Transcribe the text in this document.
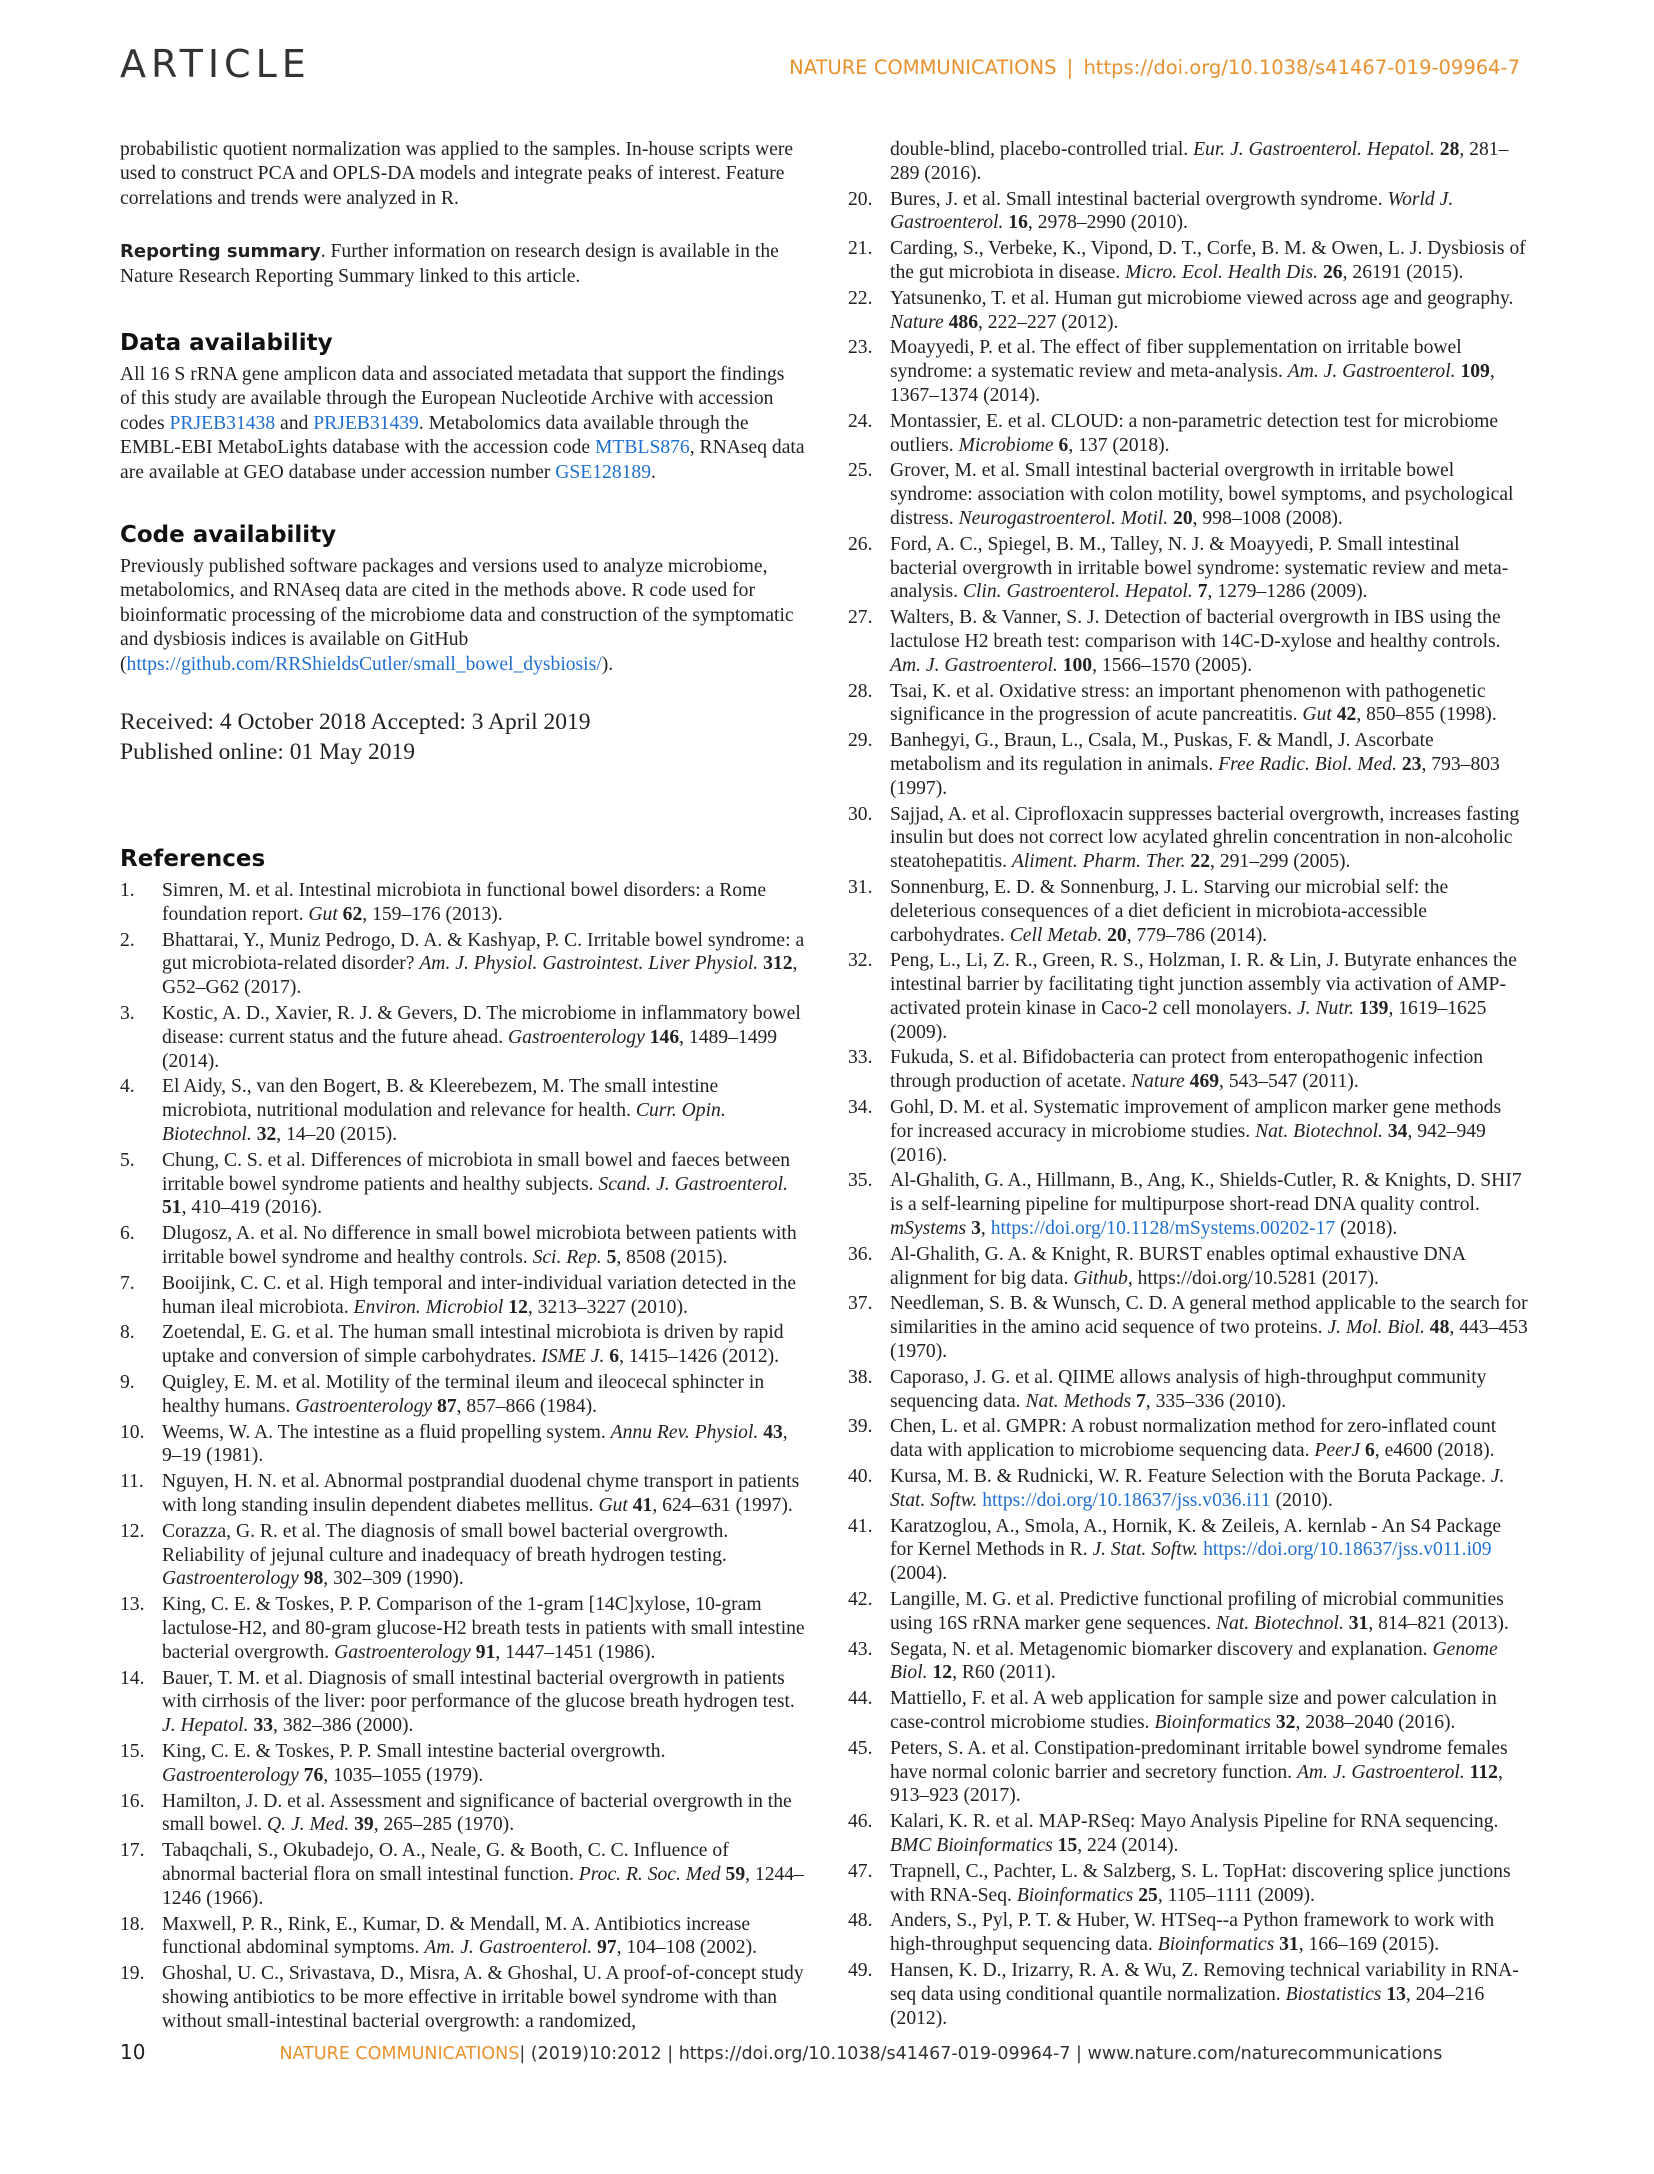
ARTICLE	NATURE COMMUNICATIONS | https://doi.org/10.1038/s41467-019-09964-7

probabilistic quotient normalization was applied to the samples. In-house scripts were used to construct PCA and OPLS-DA models and integrate peaks of interest. Feature correlations and trends were analyzed in R.

Reporting summary. Further information on research design is available in the Nature Research Reporting Summary linked to this article.

Data availability

All 16 S rRNA gene amplicon data and associated metadata that support the findings of this study are available through the European Nucleotide Archive with accession codes PRJEB31438 and PRJEB31439. Metabolomics data available through the EMBL-EBI MetaboLights database with the accession code MTBLS876, RNAseq data are available at GEO database under accession number GSE128189.

Code availability

Previously published software packages and versions used to analyze microbiome, metabolomics, and RNAseq data are cited in the methods above. R code used for bioinformatic processing of the microbiome data and construction of the symptomatic and dysbiosis indices is available on GitHub (https://github.com/RRShieldsCutler/small_bowel_dysbiosis/).

Received: 4 October 2018 Accepted: 3 April 2019
Published online: 01 May 2019
References
1.	Simren, M. et al. Intestinal microbiota in functional bowel disorders: a Rome foundation report. Gut 62, 159–176 (2013).
2.	Bhattarai, Y., Muniz Pedrogo, D. A. & Kashyap, P. C. Irritable bowel syndrome: a gut microbiota-related disorder? Am. J. Physiol. Gastrointest. Liver Physiol. 312, G52–G62 (2017).
3.	Kostic, A. D., Xavier, R. J. & Gevers, D. The microbiome in inflammatory bowel disease: current status and the future ahead. Gastroenterology 146, 1489–1499 (2014).
4.	El Aidy, S., van den Bogert, B. & Kleerebezem, M. The small intestine microbiota, nutritional modulation and relevance for health. Curr. Opin. Biotechnol. 32, 14–20 (2015).
5.	Chung, C. S. et al. Differences of microbiota in small bowel and faeces between irritable bowel syndrome patients and healthy subjects. Scand. J. Gastroenterol. 51, 410–419 (2016).
6.	Dlugosz, A. et al. No difference in small bowel microbiota between patients with irritable bowel syndrome and healthy controls. Sci. Rep. 5, 8508 (2015).
7.	Booijink, C. C. et al. High temporal and inter-individual variation detected in the human ileal microbiota. Environ. Microbiol 12, 3213–3227 (2010).
8.	Zoetendal, E. G. et al. The human small intestinal microbiota is driven by rapid uptake and conversion of simple carbohydrates. ISME J. 6, 1415–1426 (2012).
9.	Quigley, E. M. et al. Motility of the terminal ileum and ileocecal sphincter in healthy humans. Gastroenterology 87, 857–866 (1984).
10. Weems, W. A. The intestine as a fluid propelling system. Annu Rev. Physiol. 43, 9–19 (1981).
11. Nguyen, H. N. et al. Abnormal postprandial duodenal chyme transport in patients with long standing insulin dependent diabetes mellitus. Gut 41, 624–631 (1997).
12. Corazza, G. R. et al. The diagnosis of small bowel bacterial overgrowth. Reliability of jejunal culture and inadequacy of breath hydrogen testing. Gastroenterology 98, 302–309 (1990).
13. King, C. E. & Toskes, P. P. Comparison of the 1-gram [14C]xylose, 10-gram lactulose-H2, and 80-gram glucose-H2 breath tests in patients with small intestine bacterial overgrowth. Gastroenterology 91, 1447–1451 (1986).
14. Bauer, T. M. et al. Diagnosis of small intestinal bacterial overgrowth in patients with cirrhosis of the liver: poor performance of the glucose breath hydrogen test. J. Hepatol. 33, 382–386 (2000).
15. King, C. E. & Toskes, P. P. Small intestine bacterial overgrowth. Gastroenterology 76, 1035–1055 (1979).
16. Hamilton, J. D. et al. Assessment and significance of bacterial overgrowth in the small bowel. Q. J. Med. 39, 265–285 (1970).
17. Tabaqchali, S., Okubadejo, O. A., Neale, G. & Booth, C. C. Influence of abnormal bacterial flora on small intestinal function. Proc. R. Soc. Med 59, 1244–1246 (1966).
18. Maxwell, P. R., Rink, E., Kumar, D. & Mendall, M. A. Antibiotics increase functional abdominal symptoms. Am. J. Gastroenterol. 97, 104–108 (2002).
19. Ghoshal, U. C., Srivastava, D., Misra, A. & Ghoshal, U. A proof-of-concept study showing antibiotics to be more effective in irritable bowel syndrome with than without small-intestinal bacterial overgrowth: a randomized,
double-blind, placebo-controlled trial. Eur. J. Gastroenterol. Hepatol. 28, 281–289 (2016).
20. Bures, J. et al. Small intestinal bacterial overgrowth syndrome. World J. Gastroenterol. 16, 2978–2990 (2010).
21. Carding, S., Verbeke, K., Vipond, D. T., Corfe, B. M. & Owen, L. J. Dysbiosis of the gut microbiota in disease. Micro. Ecol. Health Dis. 26, 26191 (2015).
22. Yatsunenko, T. et al. Human gut microbiome viewed across age and geography. Nature 486, 222–227 (2012).
23. Moayyedi, P. et al. The effect of fiber supplementation on irritable bowel syndrome: a systematic review and meta-analysis. Am. J. Gastroenterol. 109, 1367–1374 (2014).
24. Montassier, E. et al. CLOUD: a non-parametric detection test for microbiome outliers. Microbiome 6, 137 (2018).
25. Grover, M. et al. Small intestinal bacterial overgrowth in irritable bowel syndrome: association with colon motility, bowel symptoms, and psychological distress. Neurogastroenterol. Motil. 20, 998–1008 (2008).
26. Ford, A. C., Spiegel, B. M., Talley, N. J. & Moayyedi, P. Small intestinal bacterial overgrowth in irritable bowel syndrome: systematic review and meta-analysis. Clin. Gastroenterol. Hepatol. 7, 1279–1286 (2009).
27. Walters, B. & Vanner, S. J. Detection of bacterial overgrowth in IBS using the lactulose H2 breath test: comparison with 14C-D-xylose and healthy controls. Am. J. Gastroenterol. 100, 1566–1570 (2005).
28. Tsai, K. et al. Oxidative stress: an important phenomenon with pathogenetic significance in the progression of acute pancreatitis. Gut 42, 850–855 (1998).
29. Banhegyi, G., Braun, L., Csala, M., Puskas, F. & Mandl, J. Ascorbate metabolism and its regulation in animals. Free Radic. Biol. Med. 23, 793–803 (1997).
30. Sajjad, A. et al. Ciprofloxacin suppresses bacterial overgrowth, increases fasting insulin but does not correct low acylated ghrelin concentration in non-alcoholic steatohepatitis. Aliment. Pharm. Ther. 22, 291–299 (2005).
31. Sonnenburg, E. D. & Sonnenburg, J. L. Starving our microbial self: the deleterious consequences of a diet deficient in microbiota-accessible carbohydrates. Cell Metab. 20, 779–786 (2014).
32. Peng, L., Li, Z. R., Green, R. S., Holzman, I. R. & Lin, J. Butyrate enhances the intestinal barrier by facilitating tight junction assembly via activation of AMP-activated protein kinase in Caco-2 cell monolayers. J. Nutr. 139, 1619–1625 (2009).
33. Fukuda, S. et al. Bifidobacteria can protect from enteropathogenic infection through production of acetate. Nature 469, 543–547 (2011).
34. Gohl, D. M. et al. Systematic improvement of amplicon marker gene methods for increased accuracy in microbiome studies. Nat. Biotechnol. 34, 942–949 (2016).
35. Al-Ghalith, G. A., Hillmann, B., Ang, K., Shields-Cutler, R. & Knights, D. SHI7 is a self-learning pipeline for multipurpose short-read DNA quality control. mSystems 3, https://doi.org/10.1128/mSystems.00202-17 (2018).
36. Al-Ghalith, G. A. & Knight, R. BURST enables optimal exhaustive DNA alignment for big data. Github, https://doi.org/10.5281 (2017).
37. Needleman, S. B. & Wunsch, C. D. A general method applicable to the search for similarities in the amino acid sequence of two proteins. J. Mol. Biol. 48, 443–453 (1970).
38. Caporaso, J. G. et al. QIIME allows analysis of high-throughput community sequencing data. Nat. Methods 7, 335–336 (2010).
39. Chen, L. et al. GMPR: A robust normalization method for zero-inflated count data with application to microbiome sequencing data. PeerJ 6, e4600 (2018).
40. Kursa, M. B. & Rudnicki, W. R. Feature Selection with the Boruta Package. J. Stat. Softw. https://doi.org/10.18637/jss.v036.i11 (2010).
41. Karatzoglou, A., Smola, A., Hornik, K. & Zeileis, A. kernlab - An S4 Package for Kernel Methods in R. J. Stat. Softw. https://doi.org/10.18637/jss.v011.i09 (2004).
42. Langille, M. G. et al. Predictive functional profiling of microbial communities using 16S rRNA marker gene sequences. Nat. Biotechnol. 31, 814–821 (2013).
43. Segata, N. et al. Metagenomic biomarker discovery and explanation. Genome Biol. 12, R60 (2011).
44. Mattiello, F. et al. A web application for sample size and power calculation in case-control microbiome studies. Bioinformatics 32, 2038–2040 (2016).
45. Peters, S. A. et al. Constipation-predominant irritable bowel syndrome females have normal colonic barrier and secretory function. Am. J. Gastroenterol. 112, 913–923 (2017).
46. Kalari, K. R. et al. MAP-RSeq: Mayo Analysis Pipeline for RNA sequencing. BMC Bioinformatics 15, 224 (2014).
47. Trapnell, C., Pachter, L. & Salzberg, S. L. TopHat: discovering splice junctions with RNA-Seq. Bioinformatics 25, 1105–1111 (2009).
48. Anders, S., Pyl, P. T. & Huber, W. HTSeq--a Python framework to work with high-throughput sequencing data. Bioinformatics 31, 166–169 (2015).
49. Hansen, K. D., Irizarry, R. A. & Wu, Z. Removing technical variability in RNA-seq data using conditional quantile normalization. Biostatistics 13, 204–216 (2012).
10	NATURE COMMUNICATIONS| (2019)10:2012 | https://doi.org/10.1038/s41467-019-09964-7 | www.nature.com/naturecommunications
